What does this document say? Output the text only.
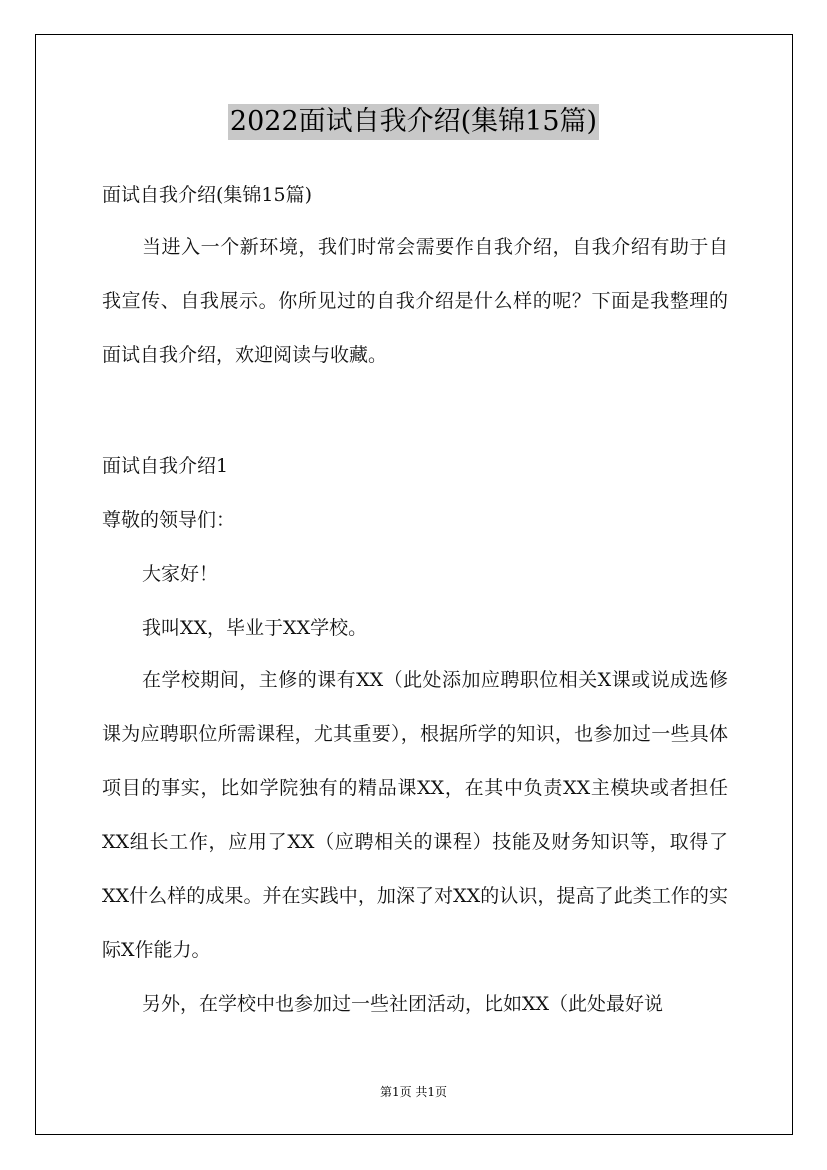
2022面试自我介绍(集锦15篇)

面试自我介绍(集锦15篇)

当进入一个新环境，我们时常会需要作自我介绍，自我介绍有助于自我宣传、自我展示。你所见过的自我介绍是什么样的呢？下面是我整理的面试自我介绍，欢迎阅读与收藏。

面试自我介绍1

尊敬的领导们：

大家好！

我叫XX，毕业于XX学校。

在学校期间，主修的课有XX（此处添加应聘职位相关X课或说成选修课为应聘职位所需课程，尤其重要），根据所学的知识，也参加过一些具体项目的事实，比如学院独有的精品课XX，在其中负责XX主模块或者担任XX组长工作，应用了XX（应聘相关的课程）技能及财务知识等，取得了XX什么样的成果。并在实践中，加深了对XX的认识，提高了此类工作的实际X作能力。

另外，在学校中也参加过一些社团活动，比如XX（此处最好说

第1页 共1页
